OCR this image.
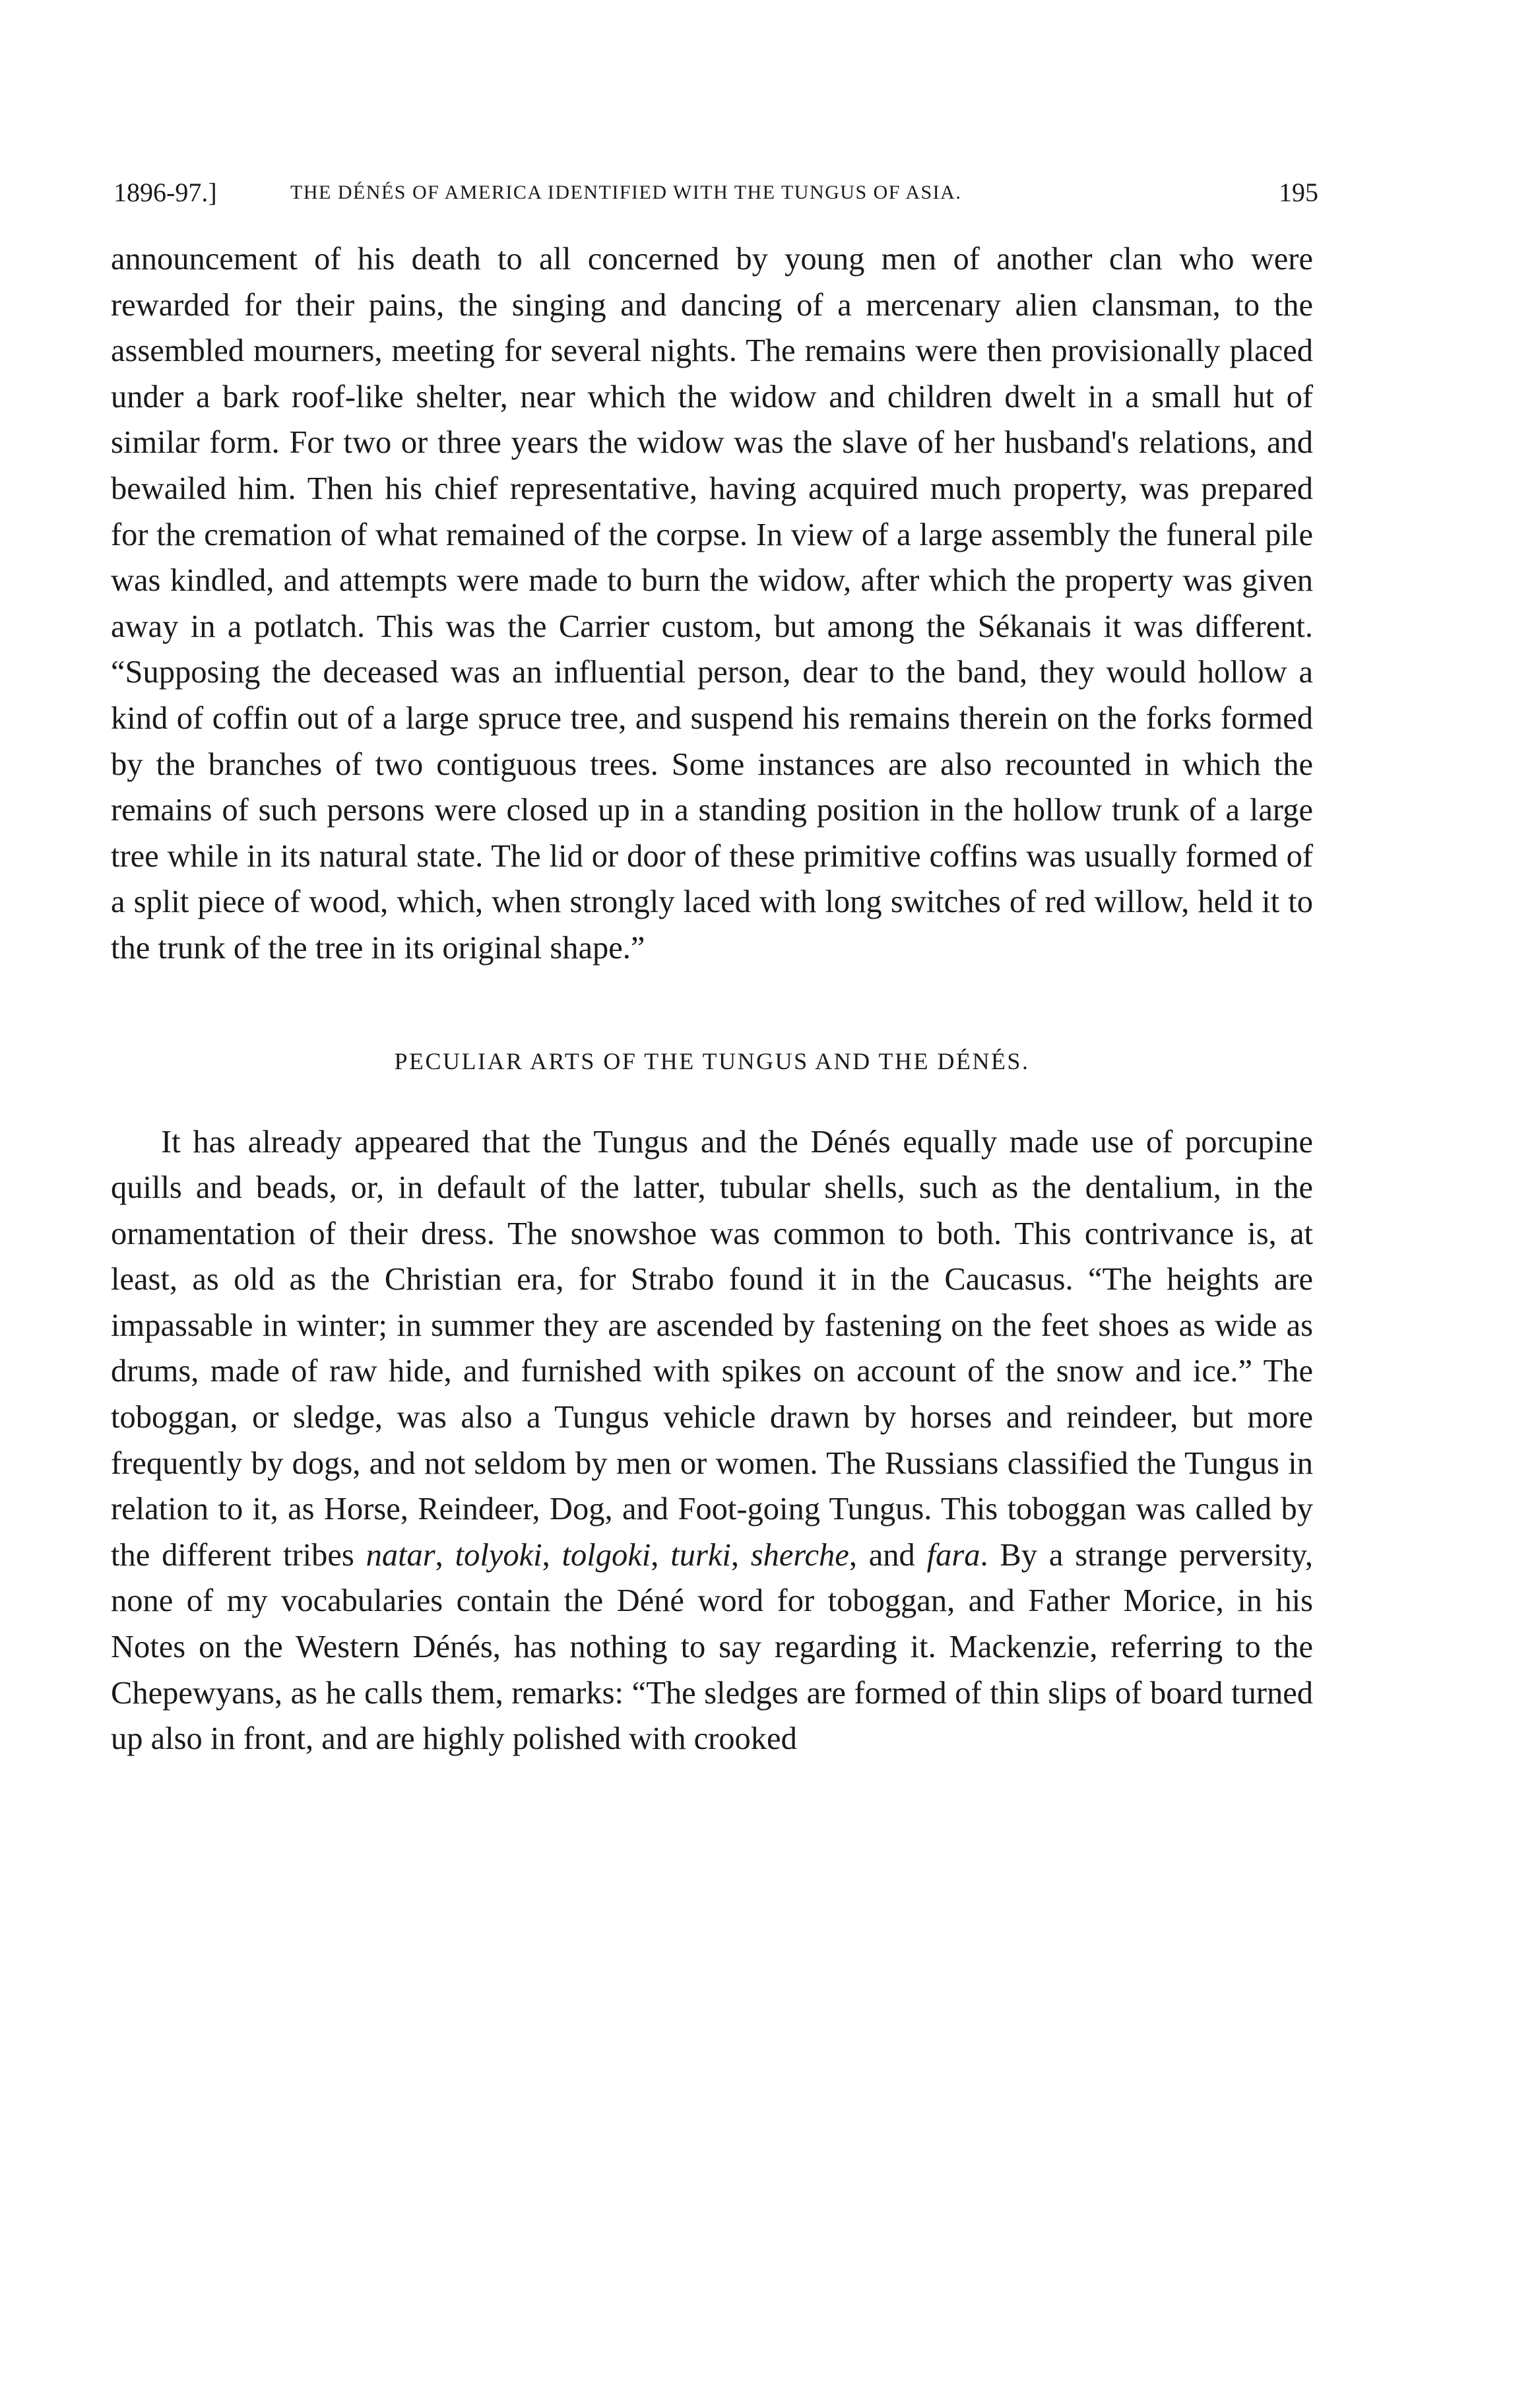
1896-97.]	THE DÉNÉS OF AMERICA IDENTIFIED WITH THE TUNGUS OF ASIA.	195

announcement of his death to all concerned by young men of another clan who were rewarded for their pains, the singing and dancing of a mercenary alien clansman, to the assembled mourners, meeting for several nights. The remains were then provisionally placed under a bark roof-like shelter, near which the widow and children dwelt in a small hut of similar form. For two or three years the widow was the slave of her husband's relations, and bewailed him. Then his chief representative, having acquired much property, was prepared for the cremation of what remained of the corpse. In view of a large assembly the funeral pile was kindled, and attempts were made to burn the widow, after which the property was given away in a potlatch. This was the Carrier custom, but among the Sékanais it was different. “Supposing the deceased was an influential person, dear to the band, they would hollow a kind of coffin out of a large spruce tree, and suspend his remains therein on the forks formed by the branches of two contiguous trees. Some instances are also recounted in which the remains of such persons were closed up in a standing position in the hollow trunk of a large tree while in its natural state. The lid or door of these primitive coffins was usually formed of a split piece of wood, which, when strongly laced with long switches of red willow, held it to the trunk of the tree in its original shape.”

PECULIAR ARTS OF THE TUNGUS AND THE DÉNÉS.

It has already appeared that the Tungus and the Dénés equally made use of porcupine quills and beads, or, in default of the latter, tubular shells, such as the dentalium, in the ornamentation of their dress. The snowshoe was common to both. This contrivance is, at least, as old as the Christian era, for Strabo found it in the Caucasus. “The heights are impassable in winter; in summer they are ascended by fastening on the feet shoes as wide as drums, made of raw hide, and furnished with spikes on account of the snow and ice.” The toboggan, or sledge, was also a Tungus vehicle drawn by horses and reindeer, but more frequently by dogs, and not seldom by men or women. The Russians classified the Tungus in relation to it, as Horse, Reindeer, Dog, and Foot-going Tungus. This toboggan was called by the different tribes natar, tolyoki, tolgoki, turki, sherche, and fara. By a strange perversity, none of my vocabularies contain the Déné word for toboggan, and Father Morice, in his Notes on the Western Dénés, has nothing to say regarding it. Mackenzie, referring to the Chepewyans, as he calls them, remarks: “The sledges are formed of thin slips of board turned up also in front, and are highly polished with crooked
